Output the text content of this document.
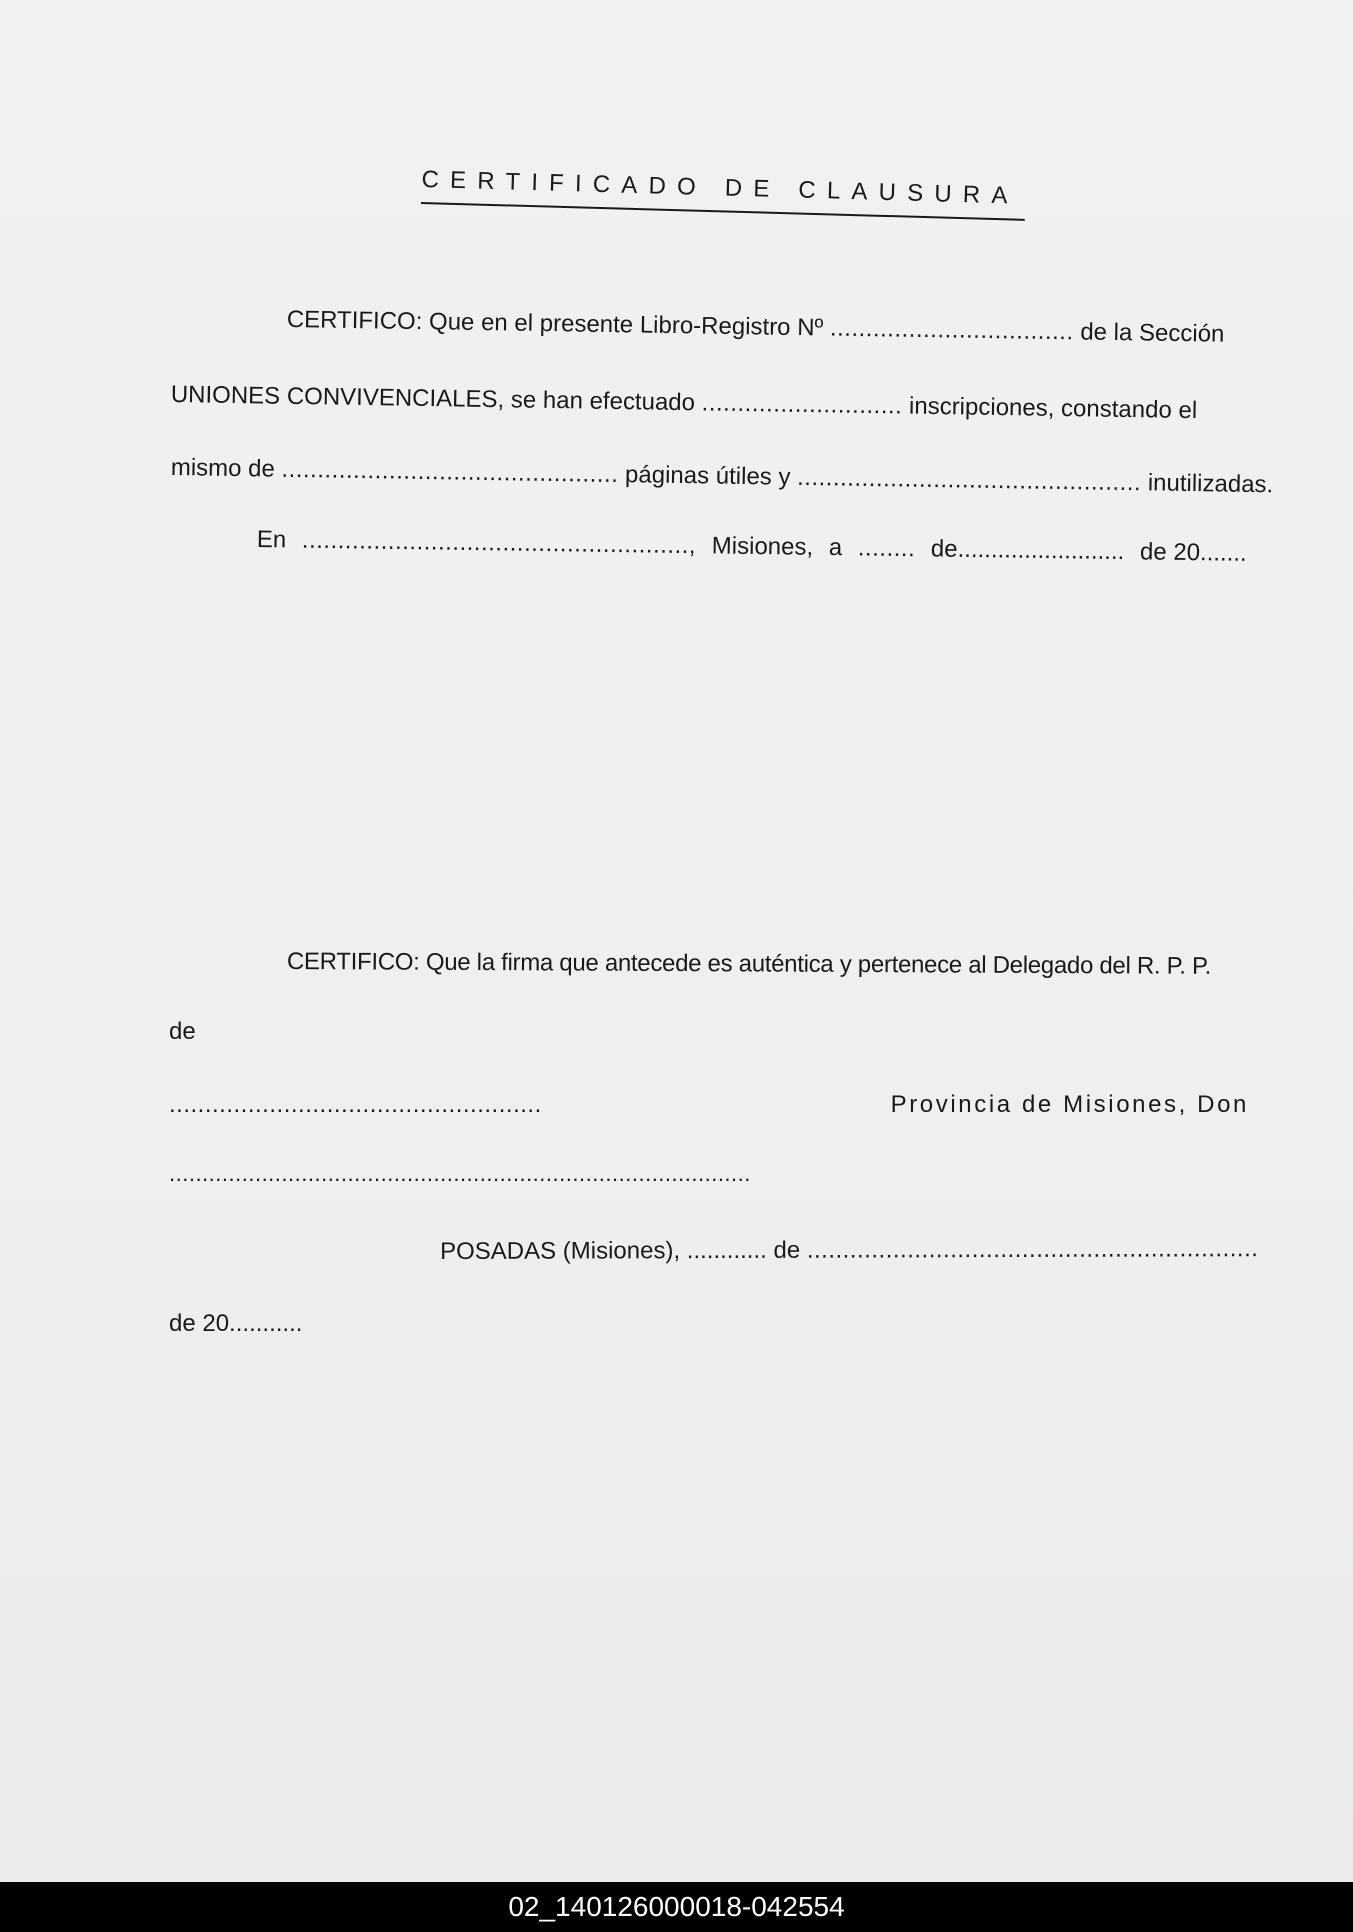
CERTIFICADO DE CLAUSURA
CERTIFICO: Que en el presente Libro-Registro Nº .................................. de la Sección
UNIONES CONVIVENCIALES, se han efectuado ............................ inscripciones, constando el
mismo de ............................................... páginas útiles y ................................................ inutilizadas.
En ......................................................, Misiones, a ........ de......................... de 20.......
CERTIFICO: Que la firma que antecede es auténtica y pertenece al Delegado del R. P. P.
de
....................................................	Provincia de Misiones, Don
........................................................................................
POSADAS (Misiones), ............ de ...............................................................
de 20...........
02_140126000018-042554
